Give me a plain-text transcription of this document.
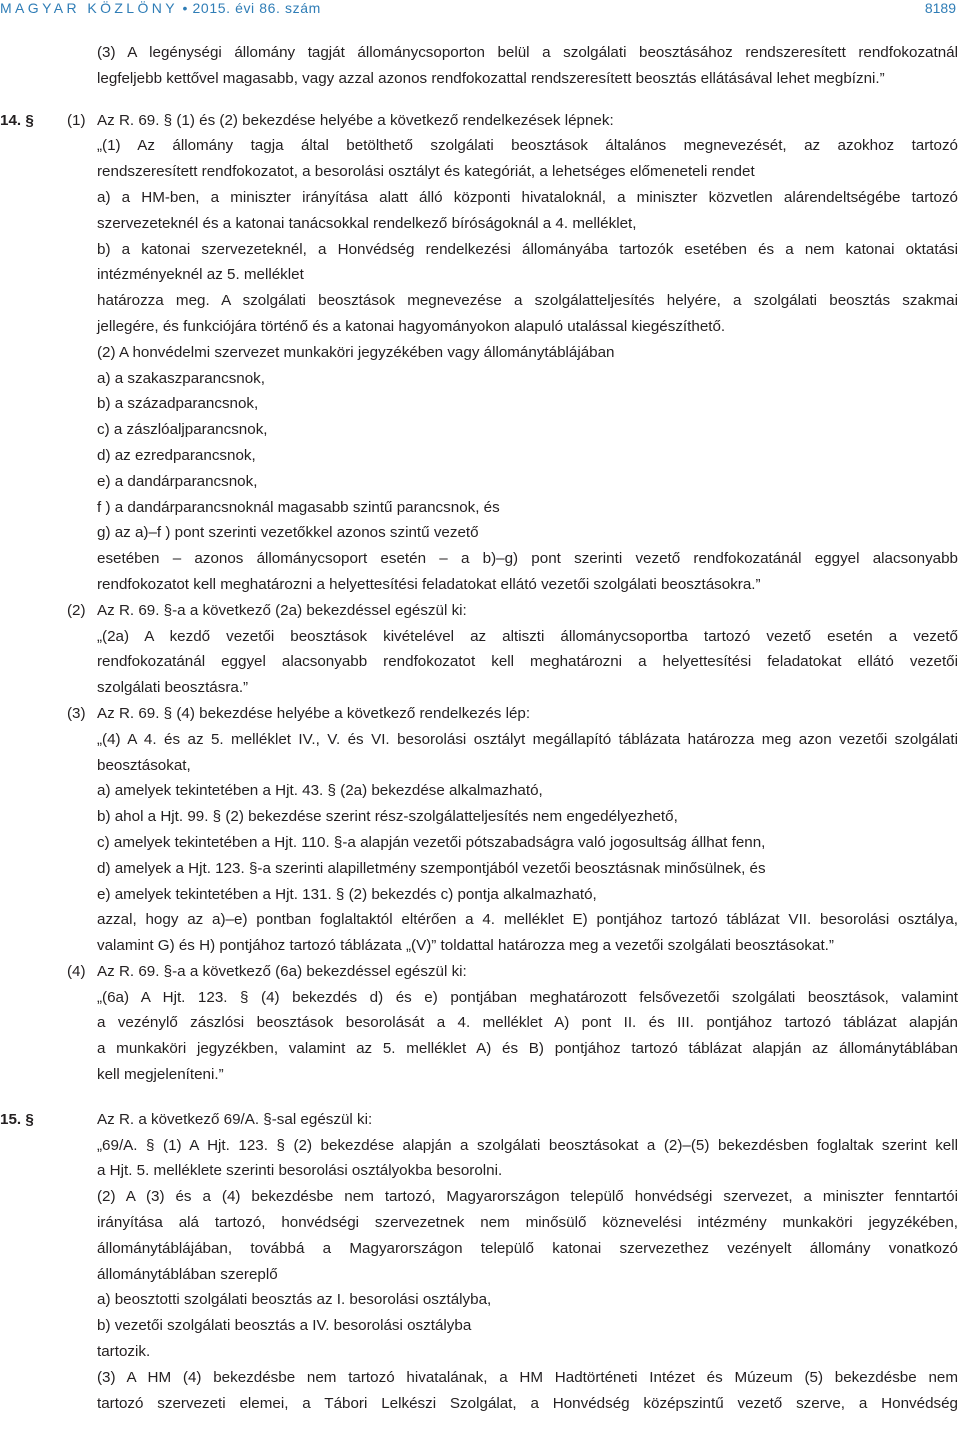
MAGYAR KÖZLÖNY • 2015. évi 86. szám	8189
(3) A legénységi állomány tagját állománycsoporton belül a szolgálati beosztásához rendszeresített rendfokozatnál
legfeljebb kettővel magasabb, vagy azzal azonos rendfokozattal rendszeresített beosztás ellátásával lehet megbízni.”
14. § (1) Az R. 69. § (1) és (2) bekezdése helyébe a következő rendelkezések lépnek:
„(1) Az állomány tagja által betölthető szolgálati beosztások általános megnevezését, az azokhoz tartozó
rendszeresített rendfokozatot, a besorolási osztályt és kategóriát, a lehetséges előmeneteli rendet
a) a HM-ben, a miniszter irányítása alatt álló központi hivataloknál, a miniszter közvetlen alárendeltségébe tartozó
szervezeteknél és a katonai tanácsokkal rendelkező bíróságoknál a 4. melléklet,
b) a katonai szervezeteknél, a Honvédség rendelkezési állományába tartozók esetében és a nem katonai oktatási
intézményeknél az 5. melléklet
határozza meg. A szolgálati beosztások megnevezése a szolgálatteljesítés helyére, a szolgálati beosztás szakmai
jellegére, és funkciójára történő és a katonai hagyományokon alapuló utalással kiegészíthető.
(2) A honvédelmi szervezet munkaköri jegyzékében vagy állománytáblájában
a) a szakaszparancsnok,
b) a századparancsnok,
c) a zászlóaljparancsnok,
d) az ezredparancsnok,
e) a dandárparancsnok,
f ) a dandárparancsnoknál magasabb szintű parancsnok, és
g) az a)–f ) pont szerinti vezetőkkel azonos szintű vezető
esetében – azonos állománycsoport esetén – a b)–g) pont szerinti vezető rendfokozatánál eggyel alacsonyabb
rendfokozatot kell meghatározni a helyettesítési feladatokat ellátó vezetői szolgálati beosztásokra.”
(2) Az R. 69. §-a a következő (2a) bekezdéssel egészül ki:
„(2a) A kezdő vezetői beosztások kivételével az altiszti állománycsoportba tartozó vezető esetén a vezető
rendfokozatánál eggyel alacsonyabb rendfokozatot kell meghatározni a helyettesítési feladatokat ellátó vezetői
szolgálati beosztásra.”
(3) Az R. 69. § (4) bekezdése helyébe a következő rendelkezés lép:
„(4) A 4. és az 5. melléklet IV., V. és VI. besorolási osztályt megállapító táblázata határozza meg azon vezetői szolgálati
beosztásokat,
a) amelyek tekintetében a Hjt. 43. § (2a) bekezdése alkalmazható,
b) ahol a Hjt. 99. § (2) bekezdése szerint rész-szolgálatteljesítés nem engedélyezhető,
c) amelyek tekintetében a Hjt. 110. §-a alapján vezetői pótszabadságra való jogosultság állhat fenn,
d) amelyek a Hjt. 123. §-a szerinti alapilletmény szempontjából vezetői beosztásnak minősülnek, és
e) amelyek tekintetében a Hjt. 131. § (2) bekezdés c) pontja alkalmazható,
azzal, hogy az a)–e) pontban foglaltaktól eltérően a 4. melléklet E) pontjához tartozó táblázat VII. besorolási osztálya,
valamint G) és H) pontjához tartozó táblázata „(V)” toldattal határozza meg a vezetői szolgálati beosztásokat.”
(4) Az R. 69. §-a a következő (6a) bekezdéssel egészül ki:
„(6a) A Hjt. 123. § (4) bekezdés d) és e) pontjában meghatározott felsővezetői szolgálati beosztások, valamint
a vezénylő zászlósi beosztások besorolását a 4. melléklet A) pont II. és III. pontjához tartozó táblázat alapján
a munkaköri jegyzékben, valamint az 5. melléklet A) és B) pontjához tartozó táblázat alapján az állománytáblában
kell megjeleníteni.”
15. §	Az R. a következő 69/A. §-sal egészül ki:
„69/A. § (1) A Hjt. 123. § (2) bekezdése alapján a szolgálati beosztásokat a (2)–(5) bekezdésben foglaltak szerint kell
a Hjt. 5. melléklete szerinti besorolási osztályokba besorolni.
(2) A (3) és a (4) bekezdésbe nem tartozó, Magyarországon települő honvédségi szervezet, a miniszter fenntartói
irányítása alá tartozó, honvédségi szervezetnek nem minősülő köznevelési intézmény munkaköri jegyzékében,
állománytáblájában, továbbá a Magyarországon települő katonai szervezethez vezényelt állomány vonatkozó
állománytáblában szereplő
a) beosztotti szolgálati beosztás az I. besorolási osztályba,
b) vezetői szolgálati beosztás a IV. besorolási osztályba
tartozik.
(3) A HM (4) bekezdésbe nem tartozó hivatalának, a HM Hadtörténeti Intézet és Múzeum (5) bekezdésbe nem
tartozó szervezeti elemei, a Tábori Lelkészi Szolgálat, a Honvédség középszintű vezető szerve, a Honvédség
